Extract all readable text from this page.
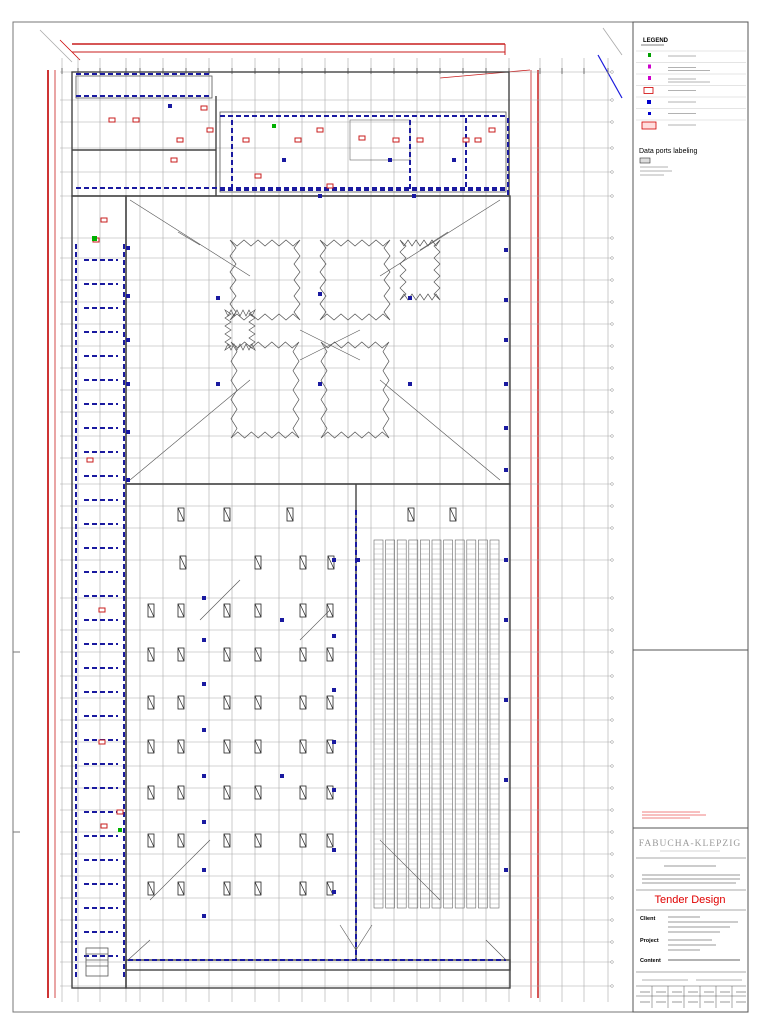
LEGEND
Data ports labeling
FABUCHA-KLEPZIG
Tender Design
Client
Project
Content
